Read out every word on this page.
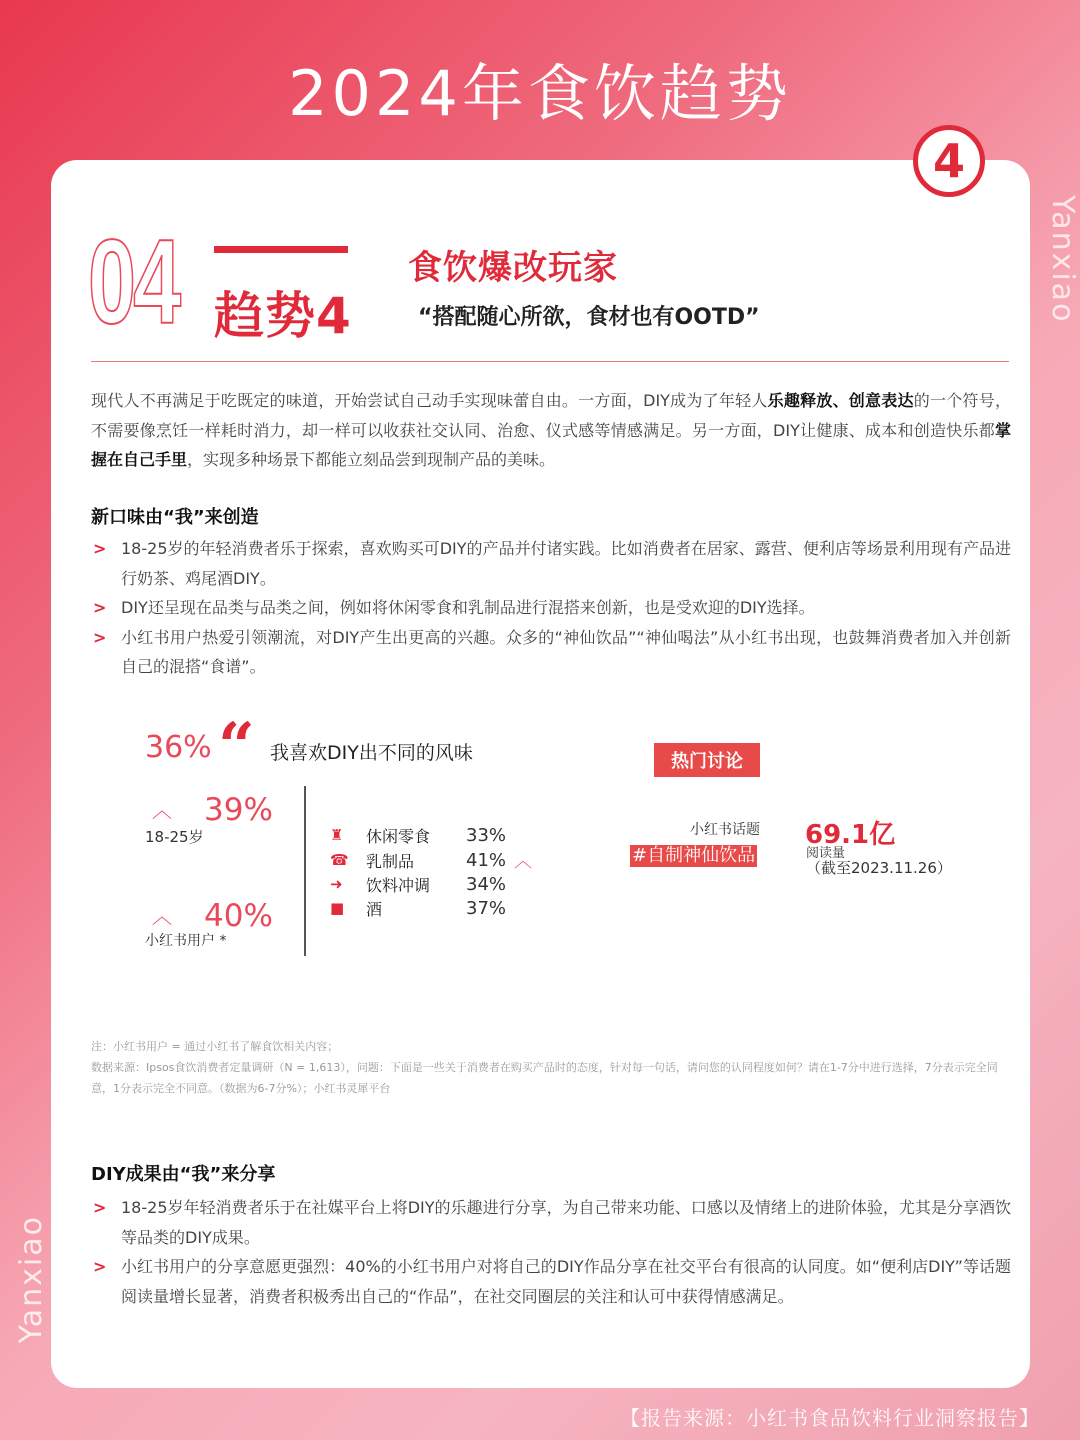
2024年食饮趋势
Yanxiao
4
04 趋势4
食饮爆改玩家
“搭配随心所欲，食材也有OOTD”

现代人不再满足于吃既定的味道，开始尝试自己动手实现味蕾自由。一方面，DIY成为了年轻人乐趣释放、创意表达的一个符号，不需要像烹饪一样耗时消力，却一样可以收获社交认同、治愈、仪式感等情感满足。另一方面，DIY让健康、成本和创造快乐都掌握在自己手里，实现多种场景下都能立刻品尝到现制产品的美味。

新口味由“我”来创造
> 18-25岁的年轻消费者乐于探索，喜欢购买可DIY的产品并付诸实践。比如消费者在居家、露营、便利店等场景利用现有产品进行奶茶、鸡尾酒DIY。
> DIY还呈现在品类与品类之间，例如将休闲零食和乳制品进行混搭来创新，也是受欢迎的DIY选择。
> 小红书用户热爱引领潮流，对DIY产生出更高的兴趣。众多的“神仙饮品”“神仙喝法”从小红书出现，也鼓舞消费者加入并创新自己的混搭“食谱”。
36% “ 我喜欢DIY出不同的风味
︿ 39%
18-25岁
︿ 40%
小红书用户 *
♜	休闲零食	33%
☎ 乳制品	41% ︿
➜	饮料冲调	34%
■	酒	37%
热门讨论
小红书话题
#自制神仙饮品
69.1亿
阅读量
（截至2023.11.26）
注：小红书用户 = 通过小红书了解食饮相关内容；
数据来源：Ipsos食饮消费者定量调研（N = 1,613），问题：下面是一些关于消费者在购买产品时的态度，针对每一句话，请问您的认同程度如何？请在1-7分中进行选择，7分表示完全同意，1分表示完全不同意。（数据为6-7分%）；小红书灵犀平台
DIY成果由“我”来分享
> 18-25岁年轻消费者乐于在社媒平台上将DIY的乐趣进行分享，为自己带来功能、口感以及情绪上的进阶体验，尤其是分享酒饮等品类的DIY成果。
> 小红书用户的分享意愿更强烈：40%的小红书用户对将自己的DIY作品分享在社交平台有很高的认同度。如“便利店DIY”等话题阅读量增长显著，消费者积极秀出自己的“作品”，在社交同圈层的关注和认可中获得情感满足。
Yanxiao
【报告来源：小红书食品饮料行业洞察报告】
